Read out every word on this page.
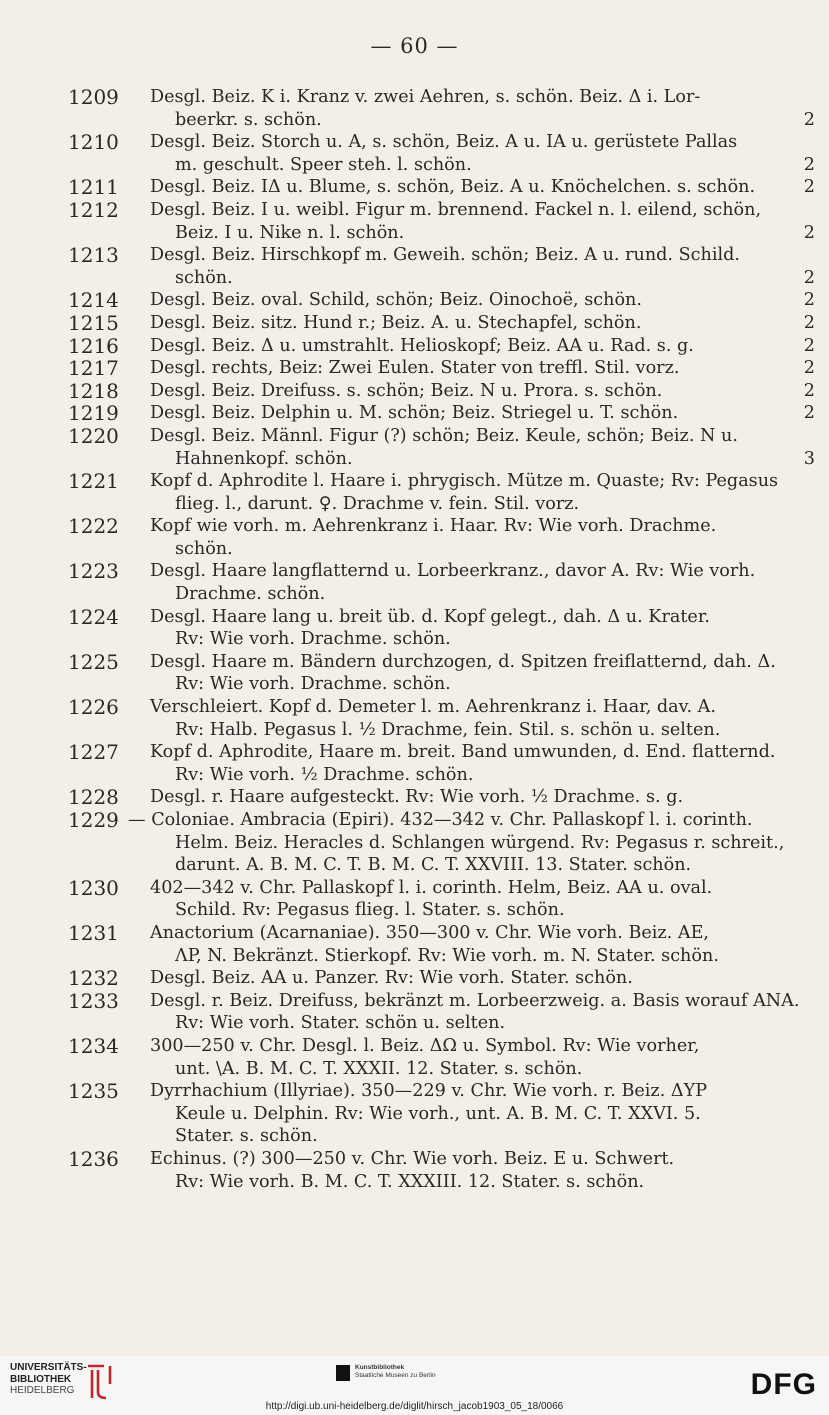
— 60 —
1209 Desgl. Beiz. K i. Kranz v. zwei Aehren, s. schön. Beiz. Δ i. Lor-
beerkr. s. schön.	2
1210 Desgl. Beiz. Storch u. A, s. schön, Beiz. A u. IA u. gerüstete Pallas
m. geschult. Speer steh. l. schön.	2
1211 Desgl. Beiz. IΔ u. Blume, s. schön, Beiz. A u. Knöchelchen. s. schön.	2
1212 Desgl. Beiz. I u. weibl. Figur m. brennend. Fackel n. l. eilend, schön,
Beiz. I u. Nike n. l. schön.	2
1213 Desgl. Beiz. Hirschkopf m. Geweih. schön; Beiz. A u. rund. Schild.
schön.	2
1214 Desgl. Beiz. oval. Schild, schön; Beiz. Oinochoë, schön.	2
1215 Desgl. Beiz. sitz. Hund r.; Beiz. A. u. Stechapfel, schön.	2
1216 Desgl. Beiz. Δ u. umstrahlt. Helioskopf; Beiz. AA u. Rad. s. g.	2
1217 Desgl. rechts, Beiz: Zwei Eulen. Stater von treffl. Stil. vorz.	2
1218 Desgl. Beiz. Dreifuss. s. schön; Beiz. N u. Prora. s. schön.	2
1219 Desgl. Beiz. Delphin u. M. schön; Beiz. Striegel u. T. schön.	2
1220 Desgl. Beiz. Männl. Figur (?) schön; Beiz. Keule, schön; Beiz. N u.
Hahnenkopf. schön.	3
1221 Kopf d. Aphrodite l. Haare i. phrygisch. Mütze m. Quaste; Rv: Pegasus
flieg. l., darunt. ♀. Drachme v. fein. Stil. vorz.
1222 Kopf wie vorh. m. Aehrenkranz i. Haar. Rv: Wie vorh. Drachme.
schön.
1223 Desgl. Haare langflatternd u. Lorbeerkranz., davor A. Rv: Wie vorh.
Drachme. schön.
1224 Desgl. Haare lang u. breit üb. d. Kopf gelegt., dah. Δ u. Krater.
Rv: Wie vorh. Drachme. schön.
1225 Desgl. Haare m. Bändern durchzogen, d. Spitzen freiflatternd, dah. Δ.
Rv: Wie vorh. Drachme. schön.
1226 Verschleiert. Kopf d. Demeter l. m. Aehrenkranz i. Haar, dav. A.
Rv: Halb. Pegasus l. ½ Drachme, fein. Stil. s. schön u. selten.
1227 Kopf d. Aphrodite, Haare m. breit. Band umwunden, d. End. flatternd.
Rv: Wie vorh. ½ Drachme. schön.
1228 Desgl. r. Haare aufgesteckt. Rv: Wie vorh. ½ Drachme. s. g.
1229 — Coloniae. Ambracia (Epiri). 432—342 v. Chr. Pallaskopf l. i. corinth.
Helm. Beiz. Heracles d. Schlangen würgend. Rv: Pegasus r. schreit.,
darunt. A. B. M. C. T. B. M. C. T. XXVIII. 13. Stater. schön.
1230 402—342 v. Chr. Pallaskopf l. i. corinth. Helm, Beiz. AA u. oval.
Schild. Rv: Pegasus flieg. l. Stater. s. schön.
1231 Anactorium (Acarnaniae). 350—300 v. Chr. Wie vorh. Beiz. AE,
ΛP, N. Bekränzt. Stierkopf. Rv: Wie vorh. m. N. Stater. schön.
1232 Desgl. Beiz. AA u. Panzer. Rv: Wie vorh. Stater. schön.
1233 Desgl. r. Beiz. Dreifuss, bekränzt m. Lorbeerzweig. a. Basis worauf ANA.
Rv: Wie vorh. Stater. schön u. selten.
1234 300—250 v. Chr. Desgl. l. Beiz. ΔΩ u. Symbol. Rv: Wie vorher,
unt. \A. B. M. C. T. XXXII. 12. Stater. s. schön.
1235 Dyrrhachium (Illyriae). 350—229 v. Chr. Wie vorh. r. Beiz. ΔYP
Keule u. Delphin. Rv: Wie vorh., unt. A. B. M. C. T. XXVI. 5.
Stater. s. schön.
1236 Echinus. (?) 300—250 v. Chr. Wie vorh. Beiz. E u. Schwert.
Rv: Wie vorh. B. M. C. T. XXXIII. 12. Stater. s. schön.
UNIVERSITÄTS-
BIBLIOTHEK
HEIDELBERG
Kunstbibliothek
Staatliche Museen zu Berlin	DFG
http://digi.ub.uni-heidelberg.de/diglit/hirsch_jacob1903_05_18/0066
